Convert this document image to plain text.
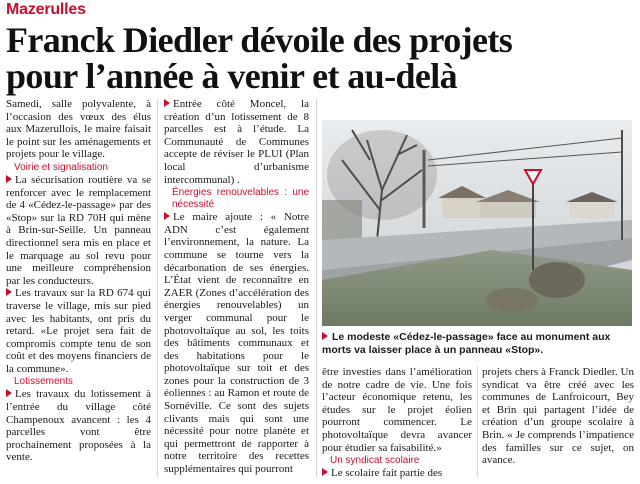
Mazerulles
Franck Diedler dévoile des projets
pour l’année à venir et au-delà

Samedi, salle polyvalente, à l’occasion des vœux des élus aux Mazerullois, le maire faisait le point sur les aménagements et projets pour le village.

Voirie et signalisation

La sécurisation routière va se renforcer avec le remplacement de 4 «Cédez-le-passage» par des «Stop» sur la RD 70H qui mène à Brin-sur-Seille. Un panneau directionnel sera mis en place et le marquage au sol revu pour une meilleure compréhension par les conducteurs.

Les travaux sur la RD 674 qui traverse le village, mis sur pied avec les habitants, ont pris du retard. «Le projet sera fait de compromis compte tenu de son coût et des moyens financiers de la commune».

Lotissements

Les travaux du lotissement à l’entrée du village côté Champenoux avancent : les 4 parcelles vont être prochainement proposées à la vente.

Entrée côté Moncel, la création d’un lotissement de 8 parcelles est à l’étude. La Communauté de Communes accepte de réviser le PLUI (Plan local d’urbanisme intercommunal) .

Énergies renouvelables : une nécessité

Le maire ajoute : « Notre ADN c’est également l’environnement, la nature. La commune se tourne vers la décarbonation de ses énergies. L’État vient de reconnaître en ZAER (Zones d’accélération des énergies renouvelables) un verger communal pour le photovoltaïque au sol, les toits des bâtiments communaux et des habitations pour le photovoltaïque sur toit et des zones pour la construction de 3 éoliennes : au Ramon et route de Sornéville. Ce sont des sujets clivants mais qui sont une nécessité pour notre planète et qui permettront de rapporter à notre territoire des recettes supplémentaires qui pourront

Le modeste «Cédez-le-passage» face au monument aux morts va laisser place à un panneau «Stop».

être investies dans l’amélioration de notre cadre de vie. Une fois l’acteur économique retenu, les études sur le projet éolien pourront commencer. Le photovoltaïque devra avancer pour étudier sa faisabilité.»

Un syndicat scolaire

Le scolaire fait partie des

projets chers à Franck Diedler. Un syndicat va être créé avec les communes de Lanfroicourt, Bey et Brin qui partagent l’idée de création d’un groupe scolaire à Brin. « Je comprends l’impatience des familles sur ce sujet, on avance.
